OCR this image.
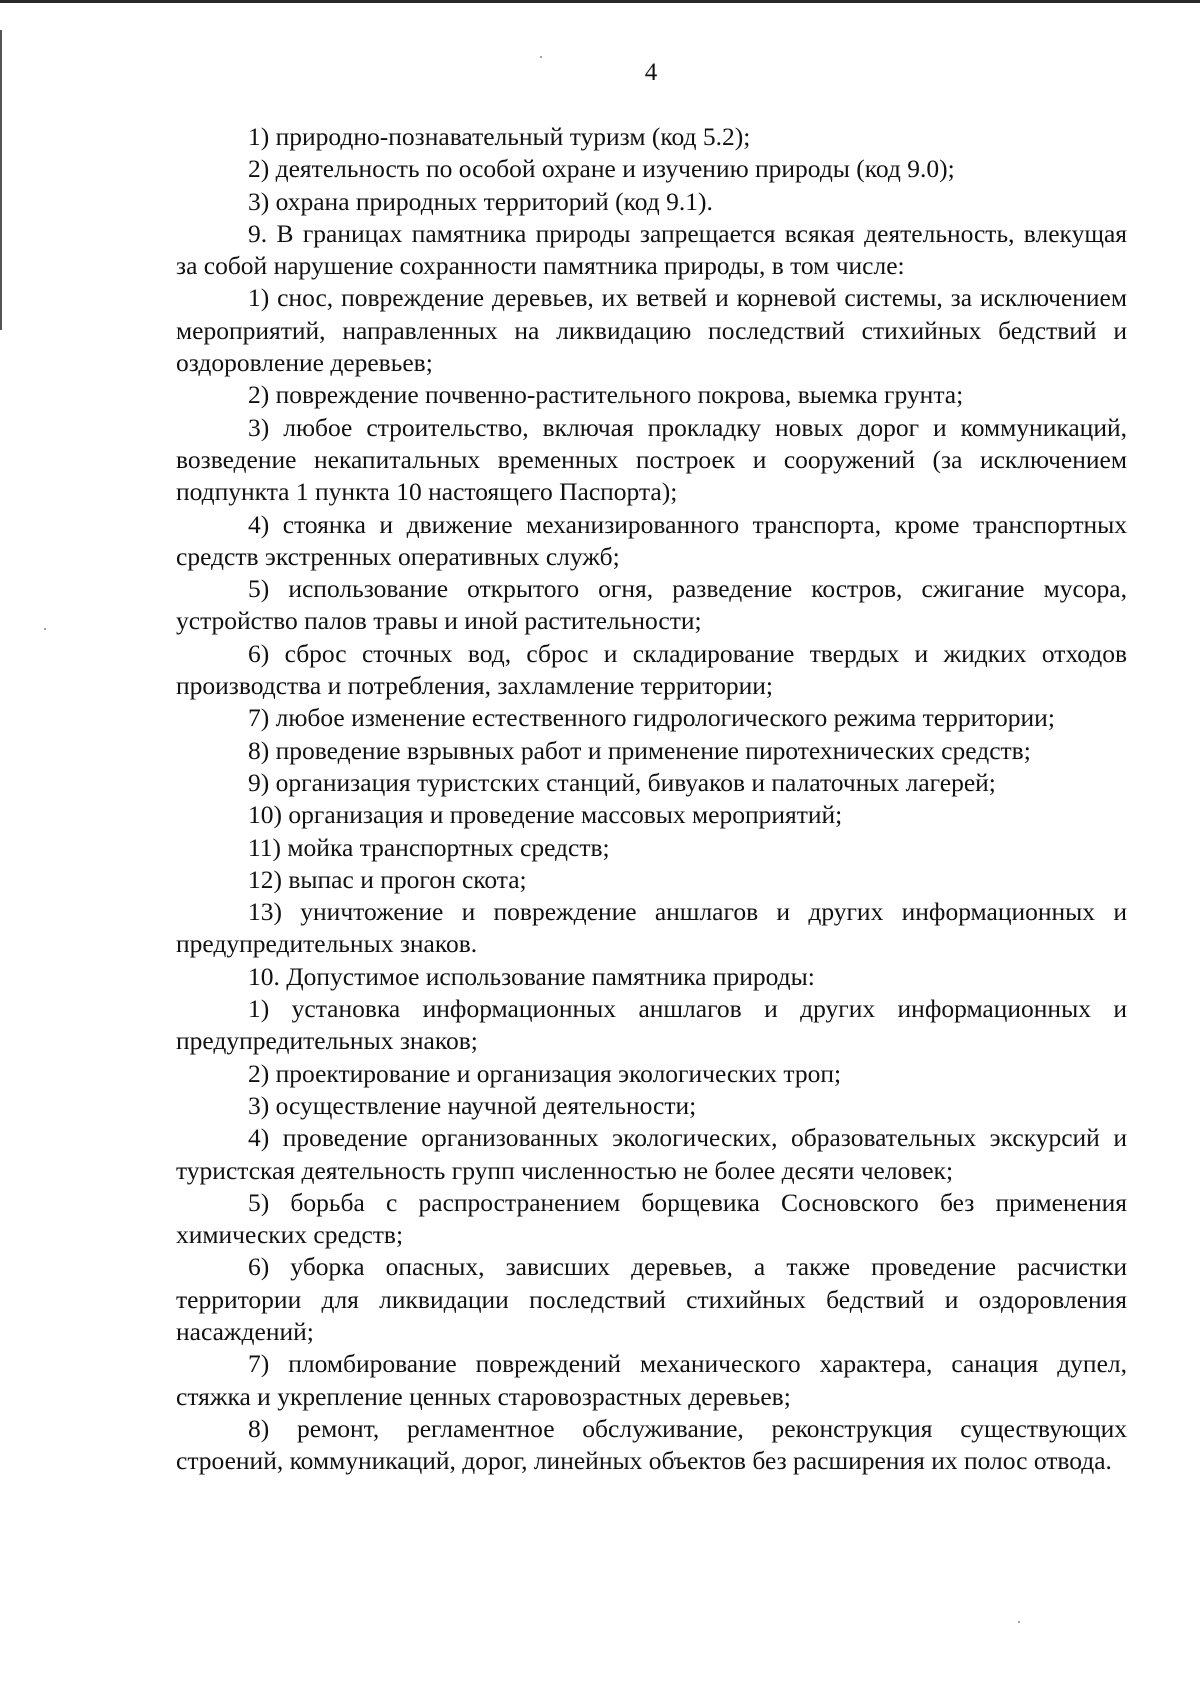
4

1) природно-познавательный туризм (код 5.2);

2) деятельность по особой охране и изучению природы (код 9.0);

3) охрана природных территорий (код 9.1).

9. В границах памятника природы запрещается всякая деятельность, влекущая за собой нарушение сохранности памятника природы, в том числе:

1) снос, повреждение деревьев, их ветвей и корневой системы, за исключением мероприятий, направленных на ликвидацию последствий стихийных бедствий и оздоровление деревьев;

2) повреждение почвенно-растительного покрова, выемка грунта;

3) любое строительство, включая прокладку новых дорог и коммуникаций, возведение некапитальных временных построек и сооружений (за исключением подпункта 1 пункта 10 настоящего Паспорта);

4) стоянка и движение механизированного транспорта, кроме транспортных средств экстренных оперативных служб;

5) использование открытого огня, разведение костров, сжигание мусора, устройство палов травы и иной растительности;

6) сброс сточных вод, сброс и складирование твердых и жидких отходов производства и потребления, захламление территории;

7) любое изменение естественного гидрологического режима территории;

8) проведение взрывных работ и применение пиротехнических средств;

9) организация туристских станций, бивуаков и палаточных лагерей;

10) организация и проведение массовых мероприятий;

11) мойка транспортных средств;

12) выпас и прогон скота;

13) уничтожение и повреждение аншлагов и других информационных и предупредительных знаков.

10. Допустимое использование памятника природы:

1) установка информационных аншлагов и других информационных и предупредительных знаков;

2) проектирование и организация экологических троп;

3) осуществление научной деятельности;

4) проведение организованных экологических, образовательных экскурсий и туристская деятельность групп численностью не более десяти человек;

5) борьба с распространением борщевика Сосновского без применения химических средств;

6) уборка опасных, зависших деревьев, а также проведение расчистки территории для ликвидации последствий стихийных бедствий и оздоровления насаждений;

7) пломбирование повреждений механического характера, санация дупел, стяжка и укрепление ценных старовозрастных деревьев;

8) ремонт, регламентное обслуживание, реконструкция существующих строений, коммуникаций, дорог, линейных объектов без расширения их полос отвода.
